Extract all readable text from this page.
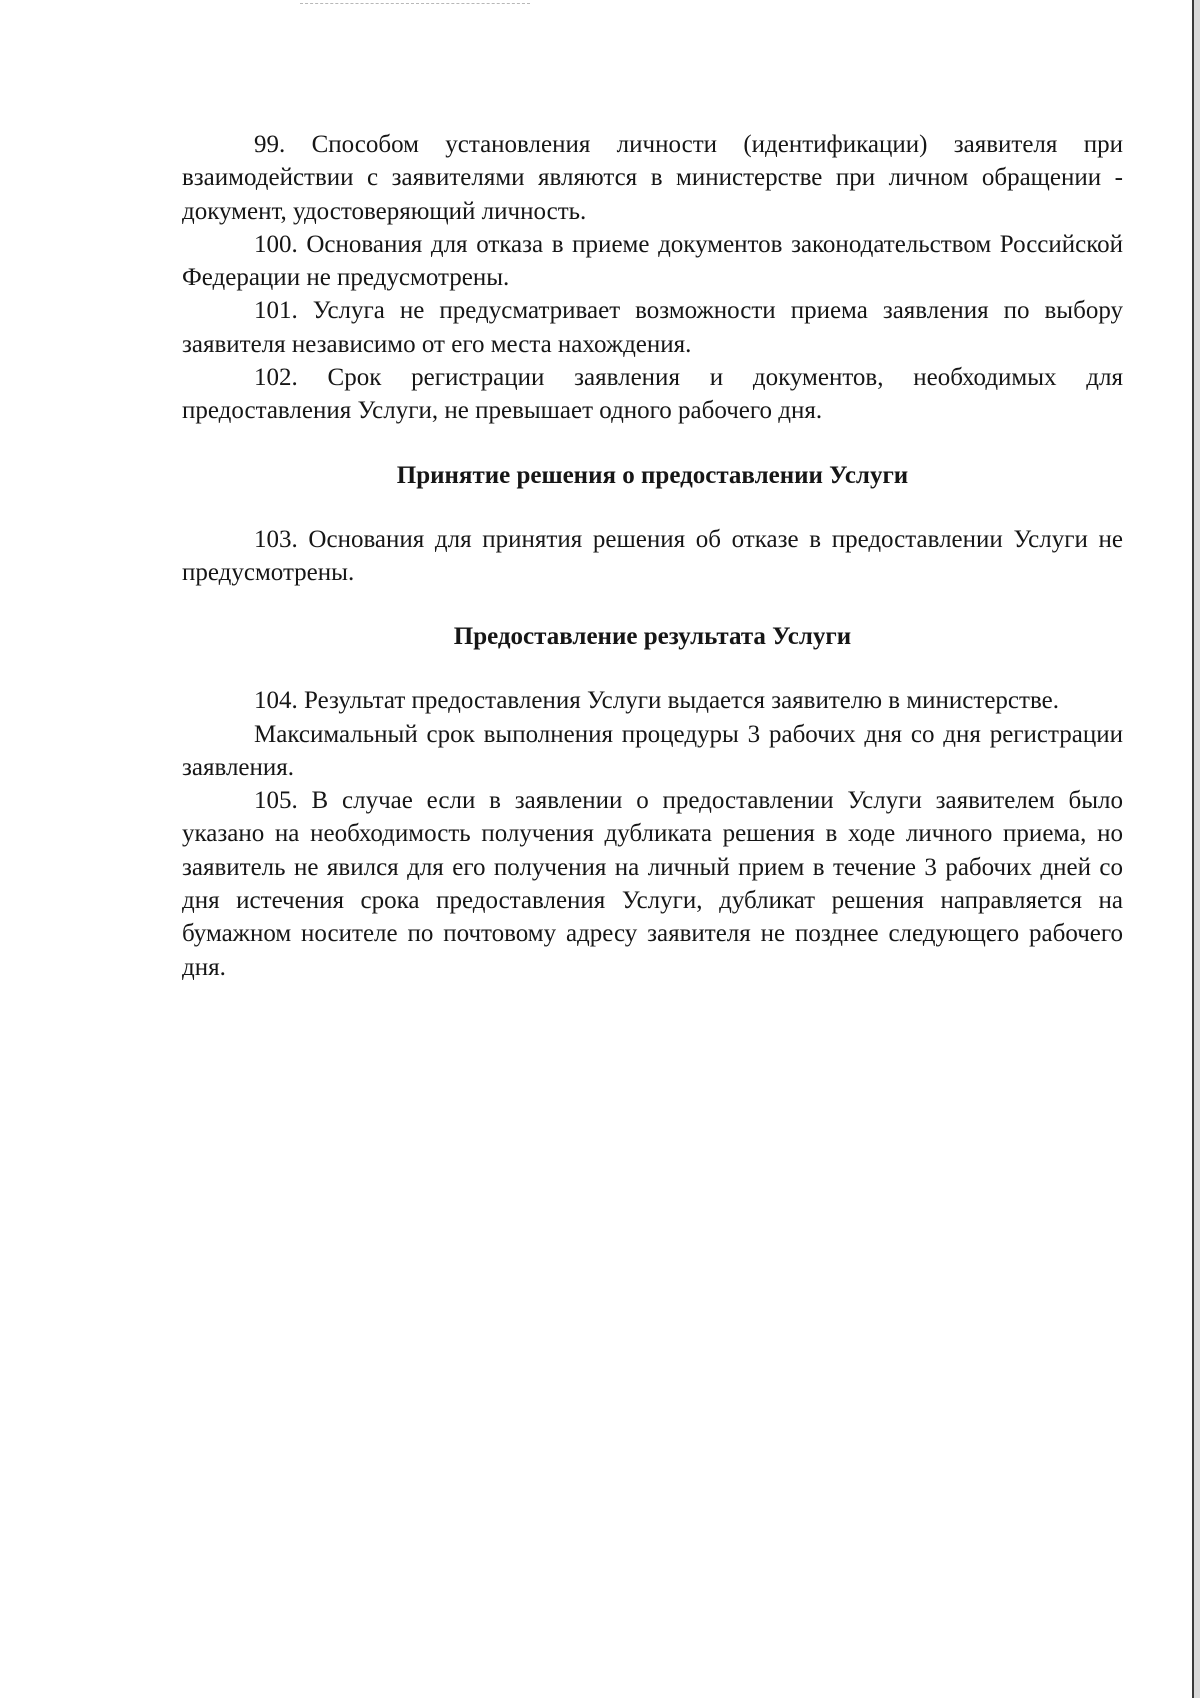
99. Способом установления личности (идентификации) заявителя при взаимодействии с заявителями являются в министерстве при личном обращении - документ, удостоверяющий личность.

100. Основания для отказа в приеме документов законодательством Российской Федерации не предусмотрены.

101. Услуга не предусматривает возможности приема заявления по выбору заявителя независимо от его места нахождения.

102. Срок регистрации заявления и документов, необходимых для предоставления Услуги, не превышает одного рабочего дня.

Принятие решения о предоставлении Услуги

103. Основания для принятия решения об отказе в предоставлении Услуги не предусмотрены.

Предоставление результата Услуги

104. Результат предоставления Услуги выдается заявителю в министерстве.

Максимальный срок выполнения процедуры 3 рабочих дня со дня регистрации заявления.

105. В случае если в заявлении о предоставлении Услуги заявителем было указано на необходимость получения дубликата решения в ходе личного приема, но заявитель не явился для его получения на личный прием в течение 3 рабочих дней со дня истечения срока предоставления Услуги, дубликат решения направляется на бумажном носителе по почтовому адресу заявителя не позднее следующего рабочего дня.
